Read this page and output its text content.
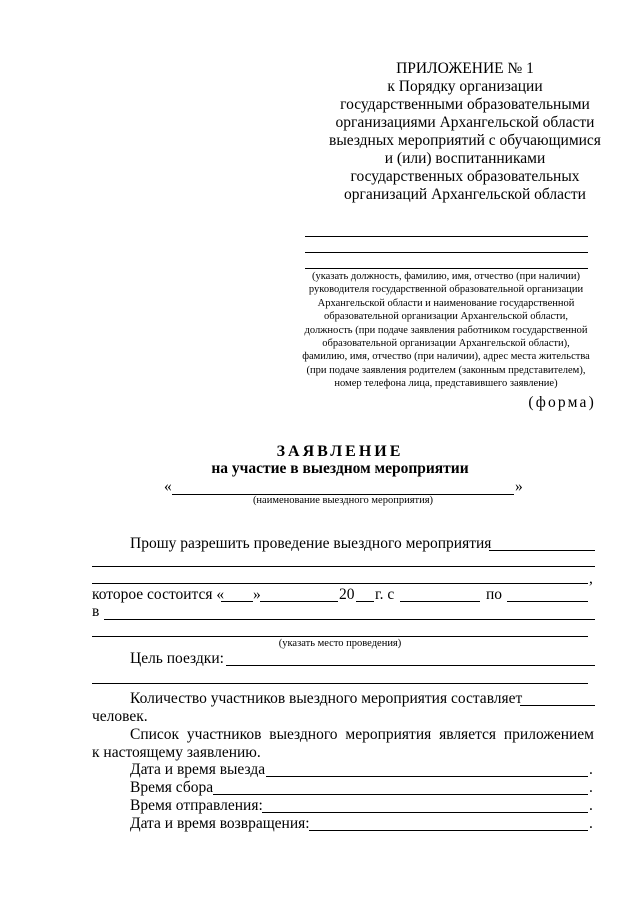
ПРИЛОЖЕНИЕ № 1
к Порядку организации
государственными образовательными
организациями Архангельской области
выездных мероприятий с обучающимися
и (или) воспитанниками
государственных образовательных
организаций Архангельской области
(указать должность, фамилию, имя, отчество (при наличии)
руководителя государственной образовательной организации
Архангельской области и наименование государственной
образовательной организации Архангельской области,
должность (при подаче заявления работником государственной
образовательной организации Архангельской области),
фамилию, имя, отчество (при наличии), адрес места жительства
(при подаче заявления родителем (законным представителем),
номер телефона лица, представившего заявление)
(форма)
ЗАЯВЛЕНИЕ
на участие в выездном мероприятии
«	»
(наименование выездного мероприятия)
Прошу разрешить проведение выездного мероприятия
,
которое состоится « »	20 г. с	по
в
(указать место проведения)
Цель поездки:
Количество участников выездного мероприятия составляет
человек.
Список участников выездного мероприятия является приложением
к настоящему заявлению.
Дата и время выезда	.
Время сбора	.
Время отправления:	.
Дата и время возвращения:	.
